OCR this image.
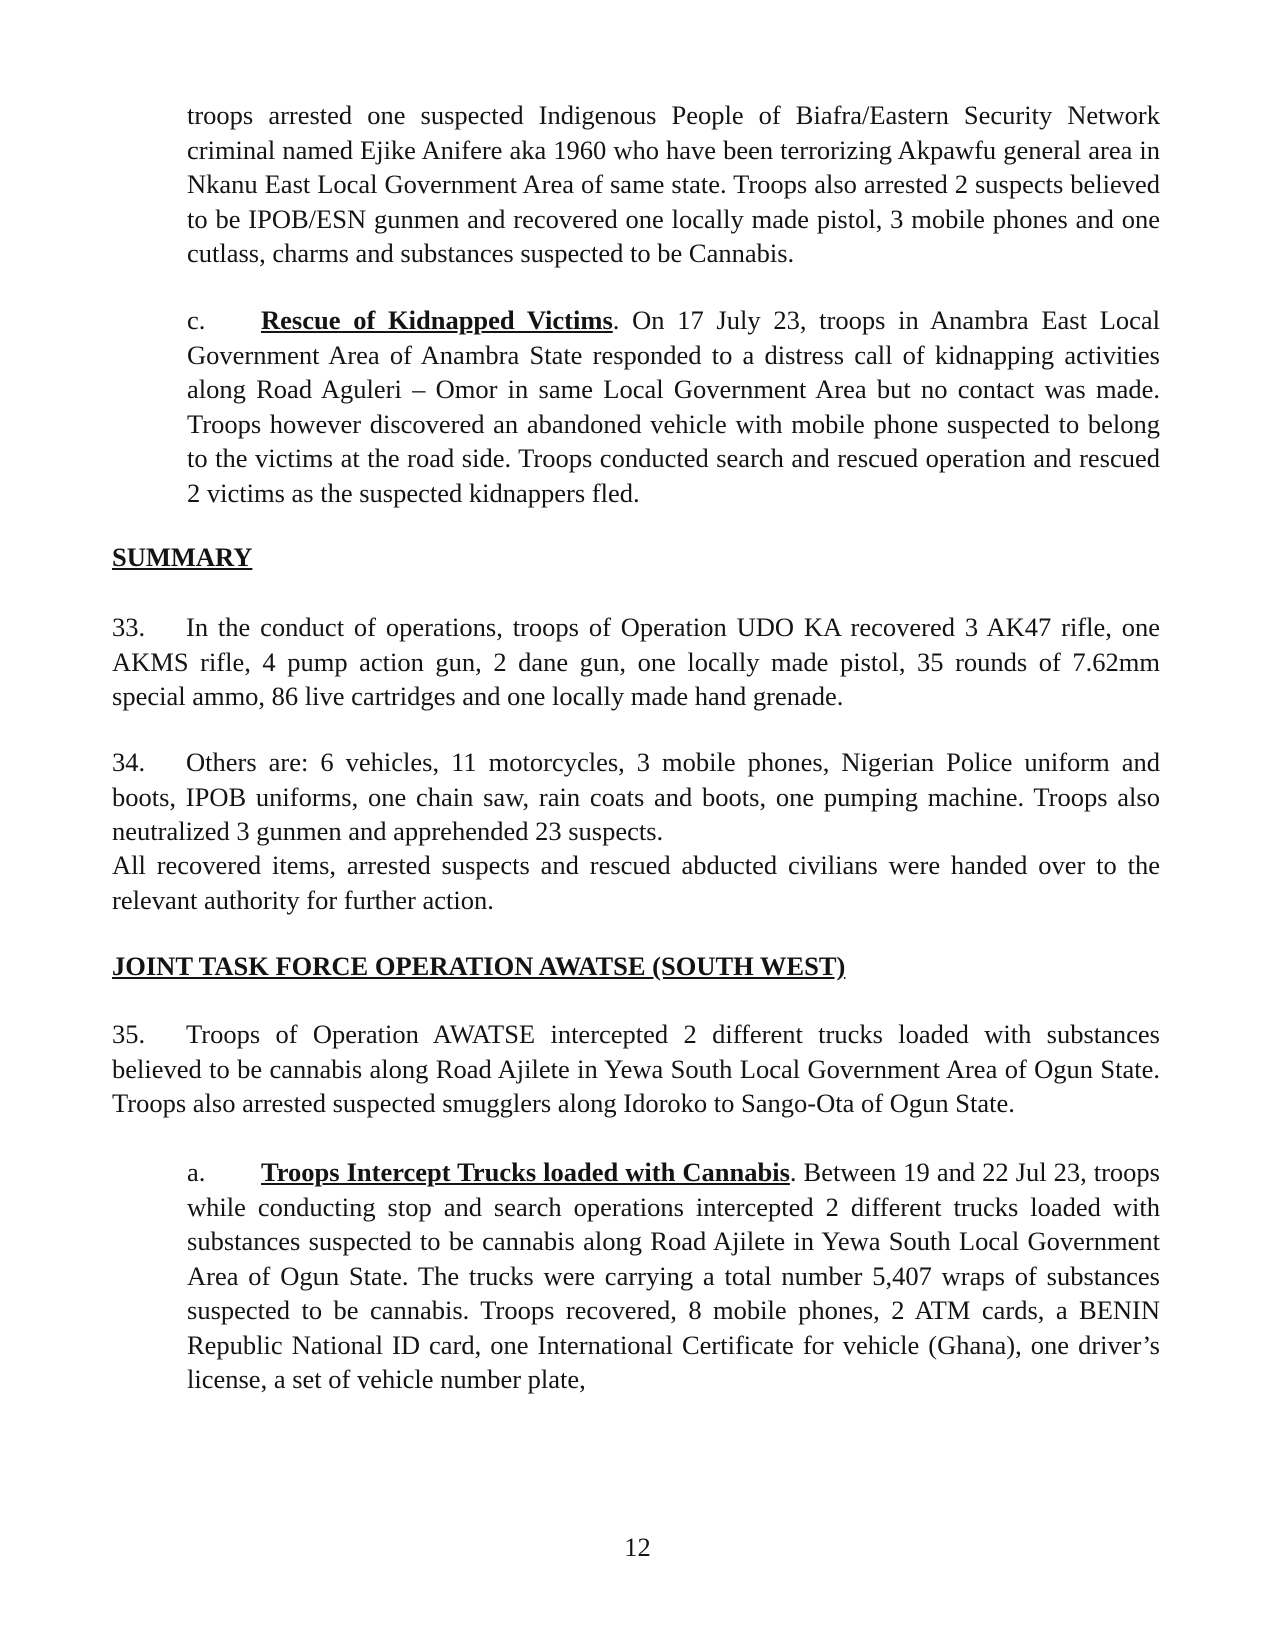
troops arrested one suspected Indigenous People of Biafra/Eastern Security Network criminal named Ejike Anifere aka 1960 who have been terrorizing Akpawfu general area in Nkanu East Local Government Area of same state. Troops also arrested 2 suspects believed to be IPOB/ESN gunmen and recovered one locally made pistol, 3 mobile phones and one cutlass, charms and substances suspected to be Cannabis.

c. Rescue of Kidnapped Victims. On 17 July 23, troops in Anambra East Local Government Area of Anambra State responded to a distress call of kidnapping activities along Road Aguleri – Omor in same Local Government Area but no contact was made. Troops however discovered an abandoned vehicle with mobile phone suspected to belong to the victims at the road side. Troops conducted search and rescued operation and rescued 2 victims as the suspected kidnappers fled.

SUMMARY

33. In the conduct of operations, troops of Operation UDO KA recovered 3 AK47 rifle, one AKMS rifle, 4 pump action gun, 2 dane gun, one locally made pistol, 35 rounds of 7.62mm special ammo, 86 live cartridges and one locally made hand grenade.

34. Others are: 6 vehicles, 11 motorcycles, 3 mobile phones, Nigerian Police uniform and boots, IPOB uniforms, one chain saw, rain coats and boots, one pumping machine. Troops also neutralized 3 gunmen and apprehended 23 suspects.

All recovered items, arrested suspects and rescued abducted civilians were handed over to the relevant authority for further action.

JOINT TASK FORCE OPERATION AWATSE (SOUTH WEST)

35. Troops of Operation AWATSE intercepted 2 different trucks loaded with substances believed to be cannabis along Road Ajilete in Yewa South Local Government Area of Ogun State. Troops also arrested suspected smugglers along Idoroko to Sango-Ota of Ogun State.

a. Troops Intercept Trucks loaded with Cannabis. Between 19 and 22 Jul 23, troops while conducting stop and search operations intercepted 2 different trucks loaded with substances suspected to be cannabis along Road Ajilete in Yewa South Local Government Area of Ogun State. The trucks were carrying a total number 5,407 wraps of substances suspected to be cannabis. Troops recovered, 8 mobile phones, 2 ATM cards, a BENIN Republic National ID card, one International Certificate for vehicle (Ghana), one driver’s license, a set of vehicle number plate,

12
